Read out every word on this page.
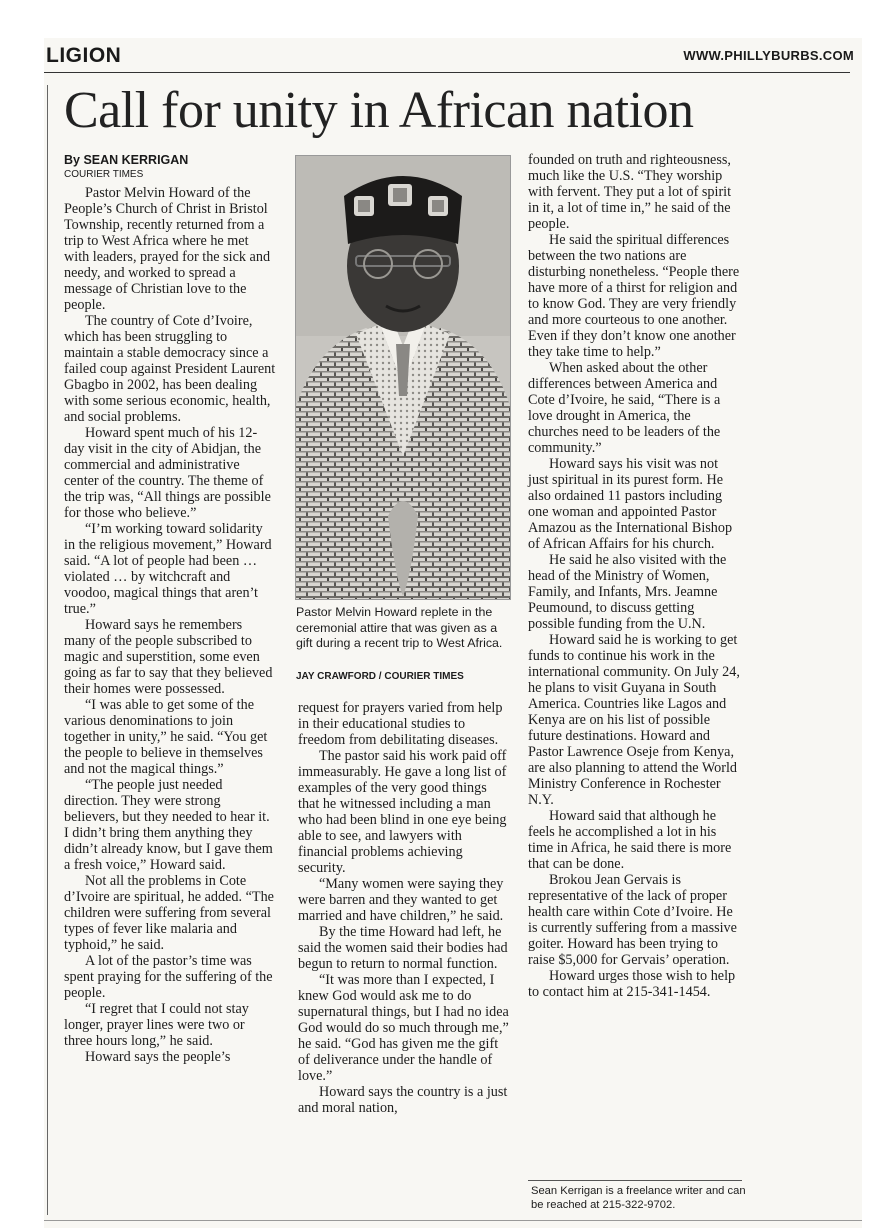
LIGION	WWW.PHILLYBURBS.COM
Call for unity in African nation
By SEAN KERRIGAN
COURIER TIMES

Pastor Melvin Howard of the People’s Church of Christ in Bristol Township, recently returned from a trip to West Africa where he met with leaders, prayed for the sick and needy, and worked to spread a message of Christian love to the people.

The country of Cote d’Ivoire, which has been struggling to maintain a stable democracy since a failed coup against President Laurent Gbagbo in 2002, has been dealing with some serious economic, health, and social problems.

Howard spent much of his 12-day visit in the city of Abidjan, the commercial and administrative center of the country. The theme of the trip was, “All things are possible for those who believe.”

“I’m working toward solidarity in the religious movement,” Howard said. “A lot of people had been … violated … by witchcraft and voodoo, magical things that aren’t true.”

Howard says he remembers many of the people subscribed to magic and superstition, some even going as far to say that they believed their homes were possessed.

“I was able to get some of the various denominations to join together in unity,” he said. “You get the people to believe in themselves and not the magical things.”

“The people just needed direction. They were strong believers, but they needed to hear it. I didn’t bring them anything they didn’t already know, but I gave them a fresh voice,” Howard said.

Not all the problems in Cote d’Ivoire are spiritual, he added. “The children were suffering from several types of fever like malaria and typhoid,” he said.

A lot of the pastor’s time was spent praying for the suffering of the people.

“I regret that I could not stay longer, prayer lines were two or three hours long,” he said.

Howard says the people’s

Pastor Melvin Howard replete in the ceremonial attire that was given as a gift during a recent trip to West Africa.
JAY CRAWFORD / COURIER TIMES

request for prayers varied from help in their educational studies to freedom from debilitating diseases.

The pastor said his work paid off immeasurably. He gave a long list of examples of the very good things that he witnessed including a man who had been blind in one eye being able to see, and lawyers with financial problems achieving security.

“Many women were saying they were barren and they wanted to get married and have children,” he said.

By the time Howard had left, he said the women said their bodies had begun to return to normal function.

“It was more than I expected, I knew God would ask me to do supernatural things, but I had no idea God would do so much through me,” he said. “God has given me the gift of deliverance under the handle of love.”

Howard says the country is a just and moral nation,

founded on truth and righteousness, much like the U.S. “They worship with fervent. They put a lot of spirit in it, a lot of time in,” he said of the people.

He said the spiritual differences between the two nations are disturbing nonetheless. “People there have more of a thirst for religion and to know God. They are very friendly and more courteous to one another. Even if they don’t know one another they take time to help.”

When asked about the other differences between America and Cote d’Ivoire, he said, “There is a love drought in America, the churches need to be leaders of the community.”

Howard says his visit was not just spiritual in its purest form. He also ordained 11 pastors including one woman and appointed Pastor Amazou as the International Bishop of African Affairs for his church.

He said he also visited with the head of the Ministry of Women, Family, and Infants, Mrs. Jeamne Peumound, to discuss getting possible funding from the U.N.

Howard said he is working to get funds to continue his work in the international community. On July 24, he plans to visit Guyana in South America. Countries like Lagos and Kenya are on his list of possible future destinations. Howard and Pastor Lawrence Oseje from Kenya, are also planning to attend the World Ministry Conference in Rochester N.Y.

Howard said that although he feels he accomplished a lot in his time in Africa, he said there is more that can be done.

Brokou Jean Gervais is representative of the lack of proper health care within Cote d’Ivoire. He is currently suffering from a massive goiter. Howard has been trying to raise $5,000 for Gervais’ operation.

Howard urges those wish to help to contact him at 215-341-1454.

Sean Kerrigan is a freelance writer and can be reached at 215-322-9702.
